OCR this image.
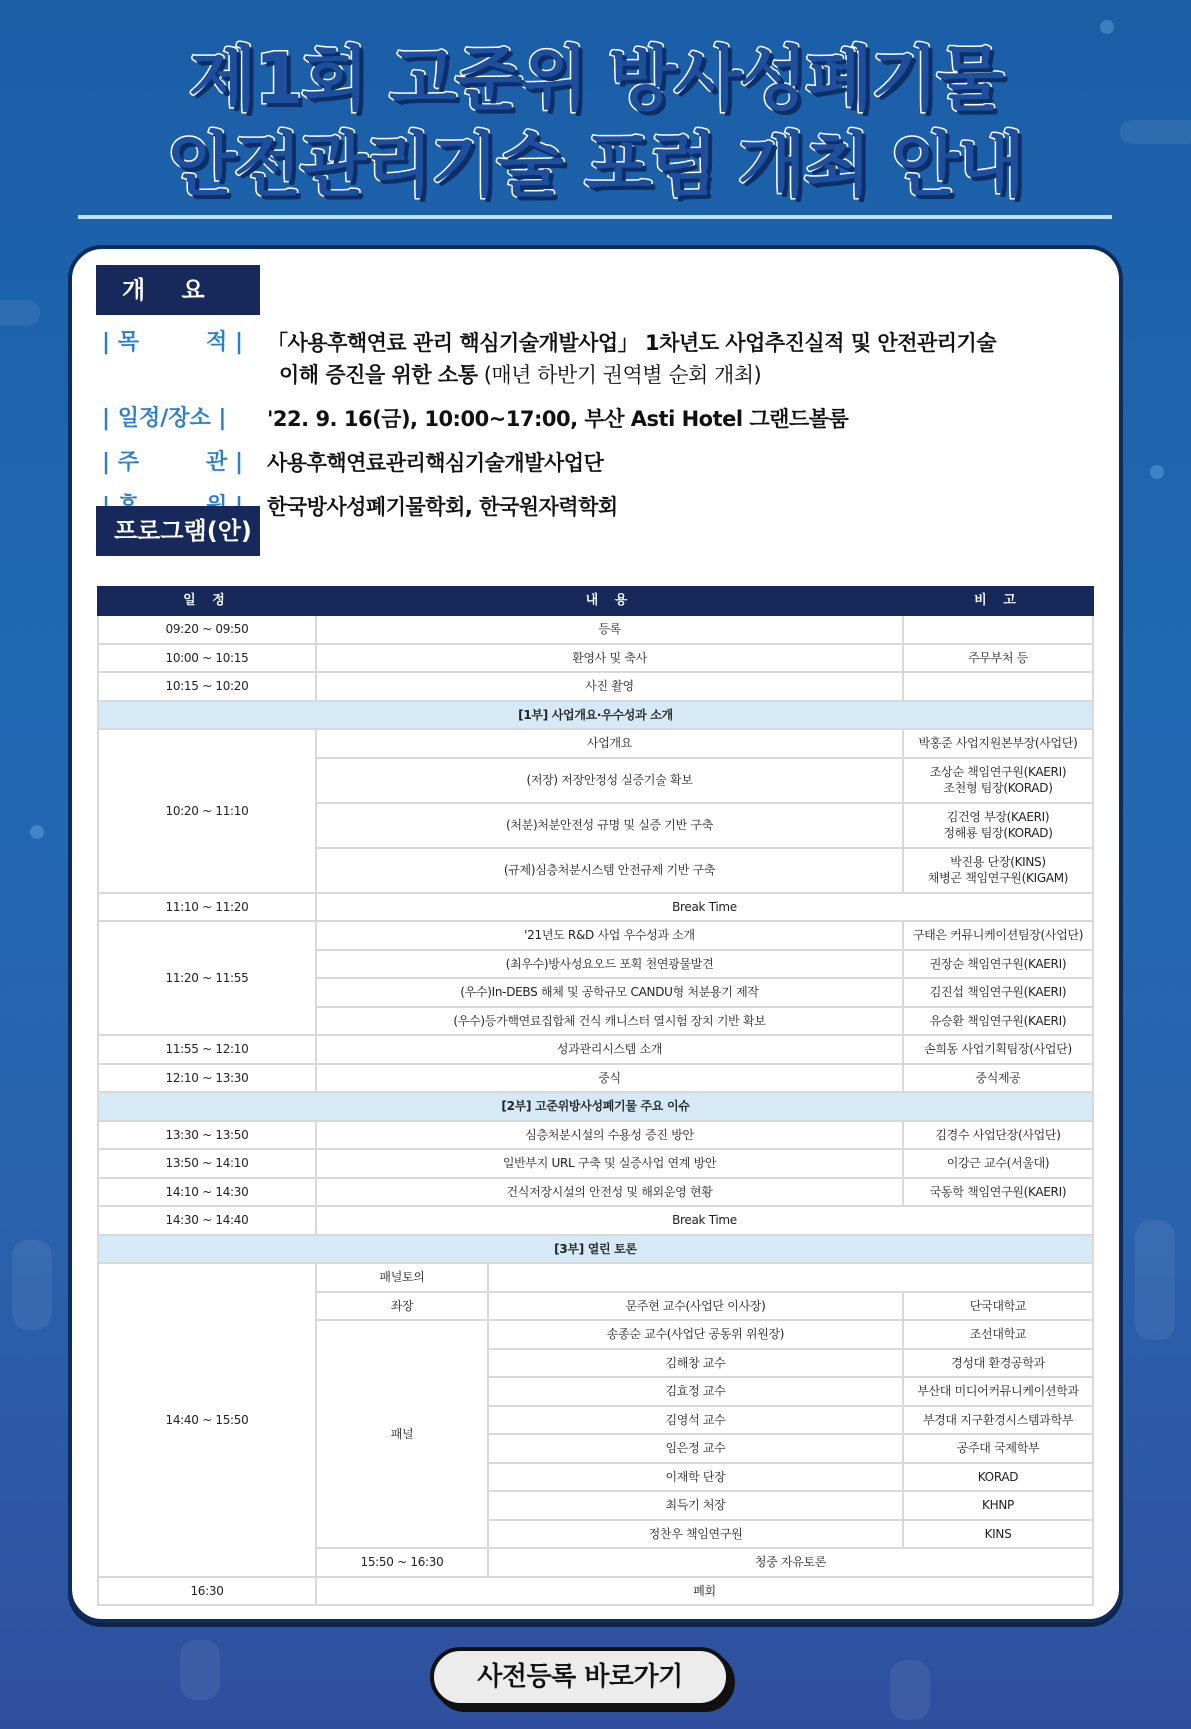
제1회 고준위 방사성폐기물
안전관리기술 포럼 개최 안내
개 요
| 목	적 | 「사용후핵연료 관리 핵심기술개발사업」 1차년도 사업추진실적 및 안전관리기술
이해 증진을 위한 소통 (매년 하반기 권역별 순회 개최)
| 일정/장소 | '22. 9. 16(금), 10:00~17:00, 부산 Asti Hotel 그랜드볼룸
| 주	관 | 사용후핵연료관리핵심기술개발사업단
한국방사성폐기물학회, 한국원자력학회
프로그램(안)
일 정	내 용		비 고
09:20 ~ 09:50	등록		
10:00 ~ 10:15	환영사 및 축사		주무부처 등
10:15 ~ 10:20	사진 촬영		
[1부] 사업개요·우수성과 소개			
10:20 ~ 11:10	사업개요		박홍준 사업지원본부장(사업단)
	(저장) 저장안정성 실증기술 확보		조상순 책임연구원(KAERI)
조천형 팀장(KORAD)

	(처분)처분안전성 규명 및 실증 기반 구축		김건영 부장(KAERI)
정해룡 팀장(KORAD)

	(규제)심층처분시스템 안전규제 기반 구축		박진용 단장(KINS)
채병곤 책임연구원(KIGAM)

11:10 ~ 11:20	Break Time		
11:20 ~ 11:55	'21년도 R&D 사업 우수성과 소개		구태은 커뮤니케이션팀장(사업단)
	(최우수)방사성요오드 포획 천연광물발견		권장순 책임연구원(KAERI)
	(우수)In-DEBS 해체 및 공학규모 CANDU형 처분용기 제작		김진섭 책임연구원(KAERI)
	(우수)등가핵연료집합체 건식 캐니스터 열시험 장치 기반 확보		유승환 책임연구원(KAERI)
11:55 ~ 12:10	성과관리시스템 소개		손희동 사업기획팀장(사업단)
12:10 ~ 13:30	중식		중식제공
[2부] 고준위방사성폐기물 주요 이슈			
13:30 ~ 13:50	심층처분시설의 수용성 증진 방안		김경수 사업단장(사업단)
13:50 ~ 14:10	일반부지 URL 구축 및 실증사업 연계 방안		이강근 교수(서울대)
14:10 ~ 14:30	건식저장시설의 안전성 및 해외운영 현황		국동학 책임연구원(KAERI)
14:30 ~ 14:40	Break Time		
[3부] 열린 토론			
14:40 ~ 15:50	패널토의		
	좌장	문주현 교수(사업단 이사장)	단국대학교
	패널	송종순 교수(사업단 공동위 위원장)	조선대학교
		김해창 교수	경성대 환경공학과
		김효정 교수	부산대 미디어커뮤니케이션학과
		김영석 교수	부경대 지구환경시스템과학부
		임은정 교수	공주대 국제학부
		이재학 단장	KORAD
		최득기 처장	KHNP
		정찬우 책임연구원	KINS
	15:50 ~ 16:30	청중 자유토론	
16:30	폐회		
사전등록 바로가기
